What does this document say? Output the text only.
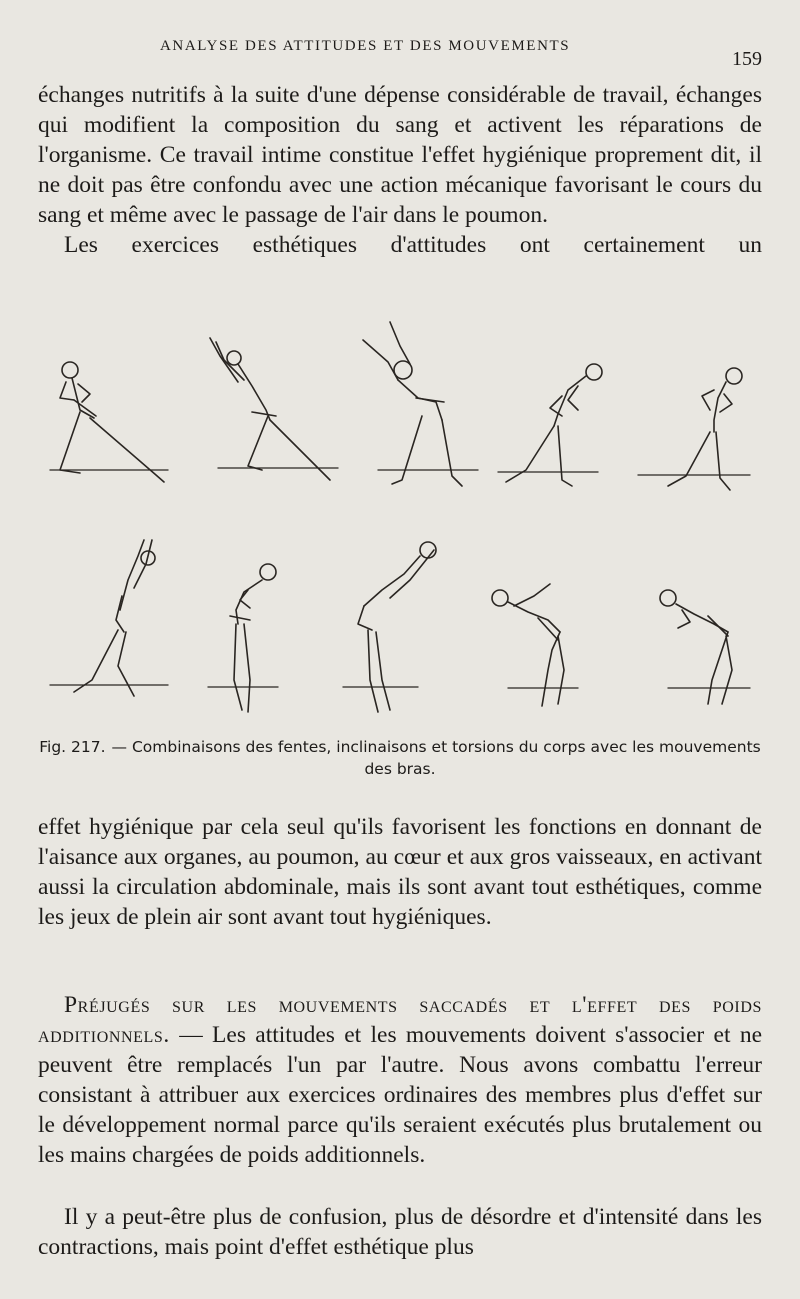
ANALYSE DES ATTITUDES ET DES MOUVEMENTS
159
échanges nutritifs à la suite d'une dépense considérable de travail, échanges qui modifient la composition du sang et activent les réparations de l'organisme. Ce travail intime constitue l'effet hygiénique proprement dit, il ne doit pas être confondu avec une action mécanique favorisant le cours du sang et même avec le passage de l'air dans le poumon.
Les exercices esthétiques d'attitudes ont certainement un

Fig. 217. — Combinaisons des fentes, inclinaisons et torsions du corps avec les mouvements des bras.

effet hygiénique par cela seul qu'ils favorisent les fonctions en donnant de l'aisance aux organes, au poumon, au cœur et aux gros vaisseaux, en activant aussi la circulation abdominale, mais ils sont avant tout esthétiques, comme les jeux de plein air sont avant tout hygiéniques.

Préjugés sur les mouvements saccadés et l'effet des poids additionnels. — Les attitudes et les mouvements doivent s'associer et ne peuvent être remplacés l'un par l'autre. Nous avons combattu l'erreur consistant à attribuer aux exercices ordinaires des membres plus d'effet sur le développement normal parce qu'ils seraient exécutés plus brutalement ou les mains chargées de poids additionnels.

Il y a peut-être plus de confusion, plus de désordre et d'intensité dans les contractions, mais point d'effet esthétique plus
